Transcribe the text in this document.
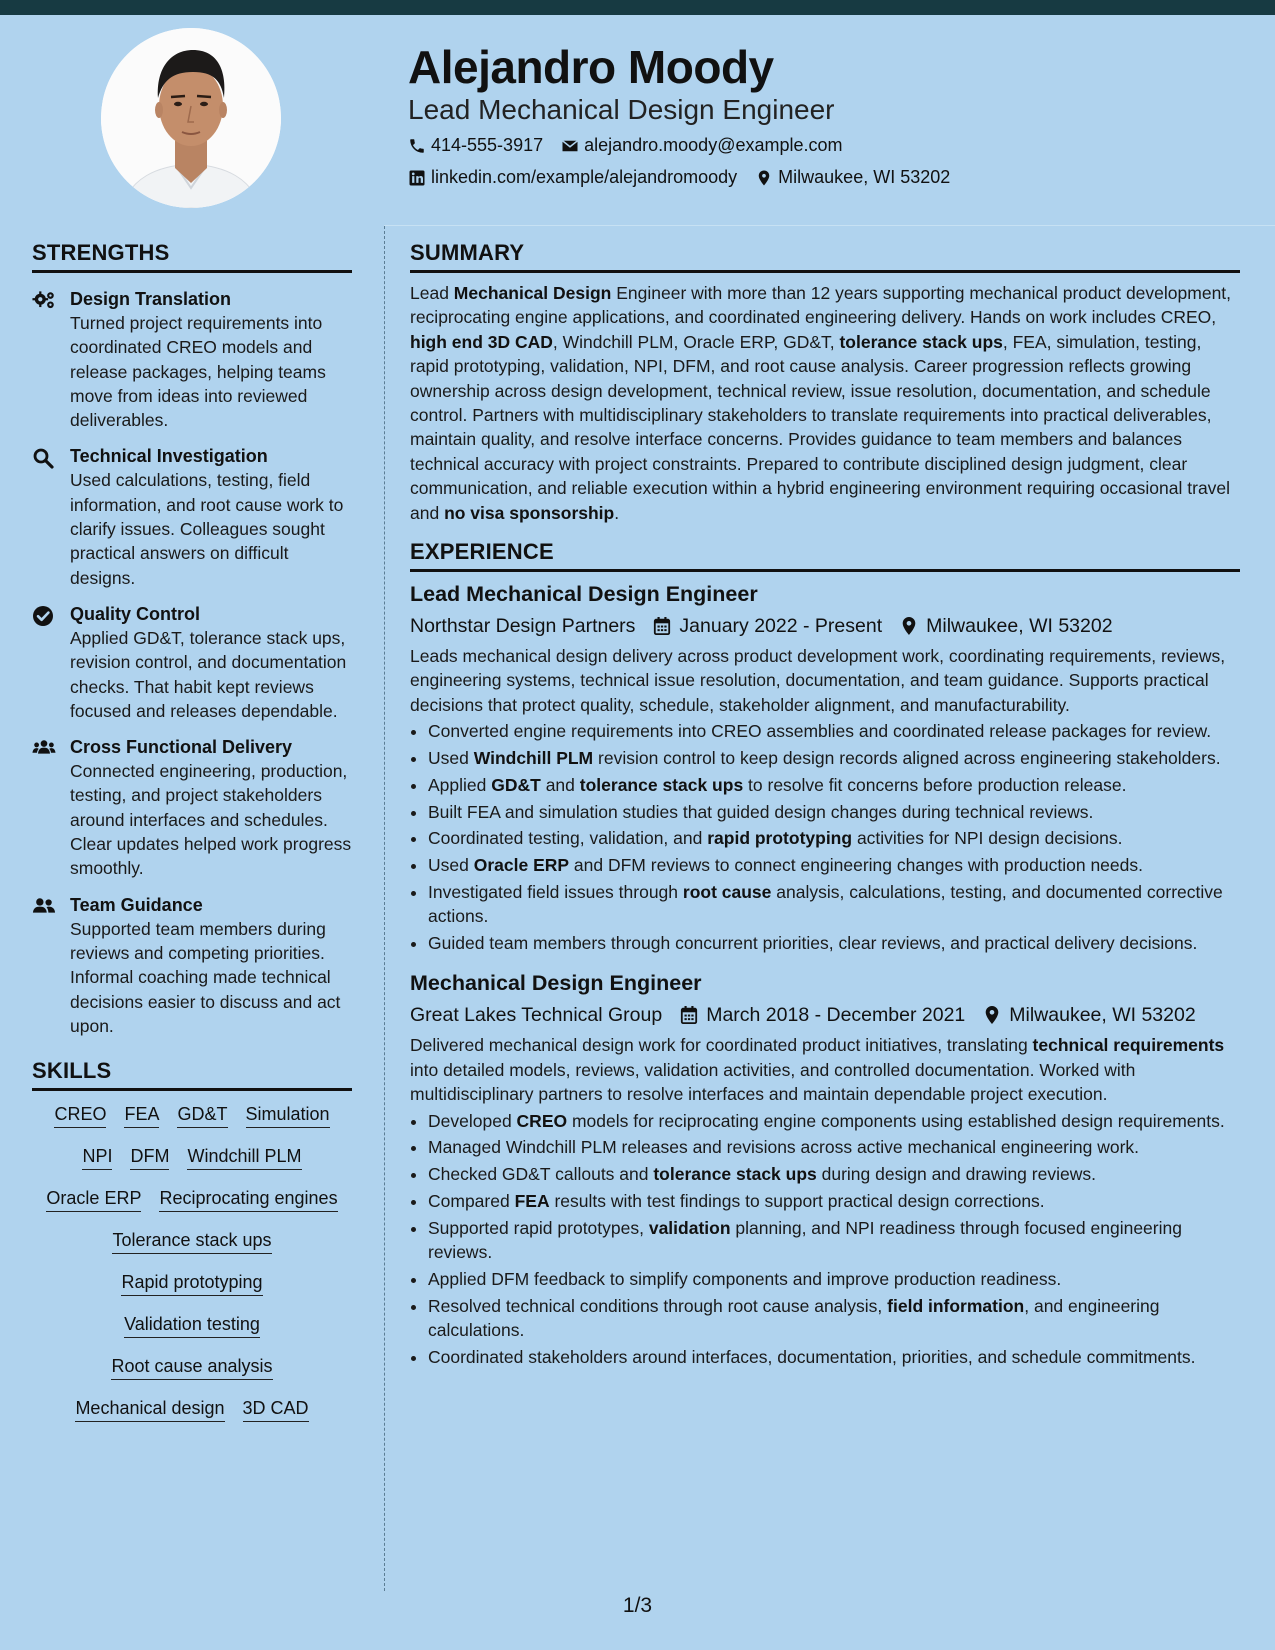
Alejandro Moody
Lead Mechanical Design Engineer
414-555-3917 alejandro.moody@example.com
linkedin.com/example/alejandromoody Milwaukee, WI 53202
STRENGTHS
Design Translation
Turned project requirements into coordinated CREO models and release packages, helping teams move from ideas into reviewed deliverables.
Technical Investigation
Used calculations, testing, field information, and root cause work to clarify issues. Colleagues sought practical answers on difficult designs.
Quality Control
Applied GD&T, tolerance stack ups, revision control, and documentation checks. That habit kept reviews focused and releases dependable.
Cross Functional Delivery
Connected engineering, production, testing, and project stakeholders around interfaces and schedules. Clear updates helped work progress smoothly.
Team Guidance
Supported team members during reviews and competing priorities. Informal coaching made technical decisions easier to discuss and act upon.
SKILLS
CREO FEA GD&T Simulation
NPI DFM Windchill PLM
Oracle ERP Reciprocating engines
Tolerance stack ups
Rapid prototyping
Validation testing
Root cause analysis
Mechanical design 3D CAD
SUMMARY

Lead Mechanical Design Engineer with more than 12 years supporting mechanical product development, reciprocating engine applications, and coordinated engineering delivery. Hands on work includes CREO, high end 3D CAD, Windchill PLM, Oracle ERP, GD&T, tolerance stack ups, FEA, simulation, testing, rapid prototyping, validation, NPI, DFM, and root cause analysis. Career progression reflects growing ownership across design development, technical review, issue resolution, documentation, and schedule control. Partners with multidisciplinary stakeholders to translate requirements into practical deliverables, maintain quality, and resolve interface concerns. Provides guidance to team members and balances technical accuracy with project constraints. Prepared to contribute disciplined design judgment, clear communication, and reliable execution within a hybrid engineering environment requiring occasional travel and no visa sponsorship.

EXPERIENCE
Lead Mechanical Design Engineer
Northstar Design Partners January 2022 - Present Milwaukee, WI 53202

Leads mechanical design delivery across product development work, coordinating requirements, reviews, engineering systems, technical issue resolution, documentation, and team guidance. Supports practical decisions that protect quality, schedule, stakeholder alignment, and manufacturability.

• Converted engine requirements into CREO assemblies and coordinated release packages for review.
• Used Windchill PLM revision control to keep design records aligned across engineering stakeholders.
• Applied GD&T and tolerance stack ups to resolve fit concerns before production release.
• Built FEA and simulation studies that guided design changes during technical reviews.
• Coordinated testing, validation, and rapid prototyping activities for NPI design decisions.
• Used Oracle ERP and DFM reviews to connect engineering changes with production needs.
• Investigated field issues through root cause analysis, calculations, testing, and documented corrective actions.
• Guided team members through concurrent priorities, clear reviews, and practical delivery decisions.
Mechanical Design Engineer
Great Lakes Technical Group March 2018 - December 2021 Milwaukee, WI 53202

Delivered mechanical design work for coordinated product initiatives, translating technical requirements into detailed models, reviews, validation activities, and controlled documentation. Worked with multidisciplinary partners to resolve interfaces and maintain dependable project execution.

• Developed CREO models for reciprocating engine components using established design requirements.
• Managed Windchill PLM releases and revisions across active mechanical engineering work.
• Checked GD&T callouts and tolerance stack ups during design and drawing reviews.
• Compared FEA results with test findings to support practical design corrections.
• Supported rapid prototypes, validation planning, and NPI readiness through focused engineering reviews.
• Applied DFM feedback to simplify components and improve production readiness.
• Resolved technical conditions through root cause analysis, field information, and engineering calculations.
• Coordinated stakeholders around interfaces, documentation, priorities, and schedule commitments.
1/3
